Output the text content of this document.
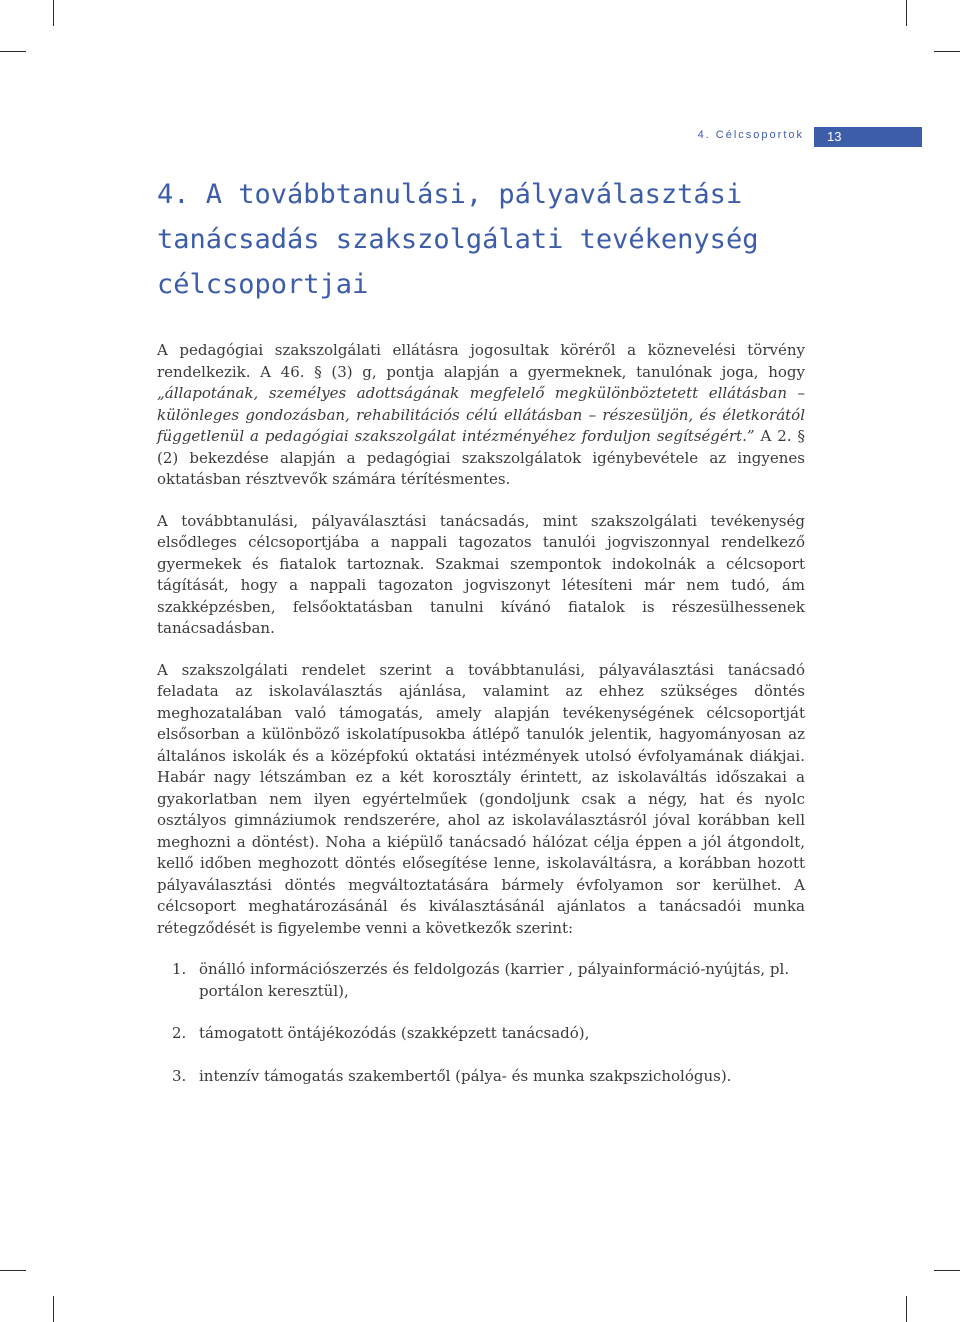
4. Célcsoportok	13
4. A továbbtanulási, pályaválasztási
tanácsadás szakszolgálati tevékenység
célcsoportjai

A pedagógiai szakszolgálati ellátásra jogosultak köréről a köznevelési törvény rendelkezik. A 46. § (3) g, pontja alapján a gyermeknek, tanulónak joga, hogy „állapotának, személyes adottságának megfelelő megkülönböztetett ellátásban – különleges gondozásban, rehabilitációs célú ellátásban – részesüljön, és életkorától függetlenül a pedagógiai szakszolgálat intézményéhez forduljon segítségért.” A 2. § (2) bekezdése alapján a pedagógiai szakszolgálatok igénybevétele az ingyenes oktatásban résztvevők számára térítésmentes.

A továbbtanulási, pályaválasztási tanácsadás, mint szakszolgálati tevékenység elsődleges célcsoportjába a nappali tagozatos tanulói jogviszonnyal rendelkező gyermekek és fiatalok tartoznak. Szakmai szempontok indokolnák a célcsoport tágítását, hogy a nappali tagozaton jogviszonyt létesíteni már nem tudó, ám szakképzésben, felsőoktatásban tanulni kívánó fiatalok is részesülhessenek tanácsadásban.

A szakszolgálati rendelet szerint a továbbtanulási, pályaválasztási tanácsadó feladata az iskolaválasztás ajánlása, valamint az ehhez szükséges döntés meghozatalában való támogatás, amely alapján tevékenységének célcsoportját elsősorban a különböző iskolatípusokba átlépő tanulók jelentik, hagyományosan az általános iskolák és a középfokú oktatási intézmények utolsó évfolyamának diákjai. Habár nagy létszámban ez a két korosztály érintett, az iskolaváltás időszakai a gyakorlatban nem ilyen egyértelműek (gondoljunk csak a négy, hat és nyolc osztályos gimnáziumok rendszerére, ahol az iskolaválasztásról jóval korábban kell meghozni a döntést). Noha a kiépülő tanácsadó hálózat célja éppen a jól átgondolt, kellő időben meghozott döntés elősegítése lenne, iskolaváltásra, a korábban hozott pályaválasztási döntés megváltoztatására bármely évfolyamon sor kerülhet. A célcsoport meghatározásánál és kiválasztásánál ajánlatos a tanácsadói munka rétegződését is figyelembe venni a következők szerint:

1. önálló információszerzés és feldolgozás (karrier , pályainformáció-nyújtás, pl. portálon keresztül),
2. támogatott öntájékozódás (szakképzett tanácsadó),
3. intenzív támogatás szakembertől (pálya- és munka szakpszichológus).
